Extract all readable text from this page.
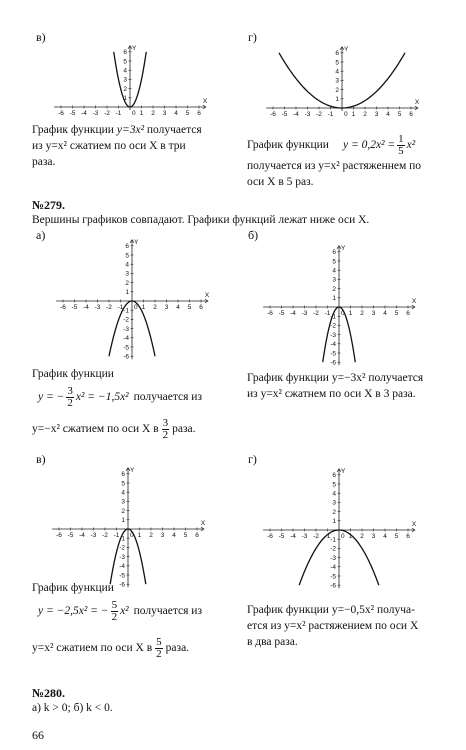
в)	г)
X
Y
-6 -5 -4 -3 -2 -1	1 2 3 4 5 6
0
1
2
3
4
5
6
X
Y
-6 -5 -4 -3 -2 -1	1 2 3 4 5 6
0
1
2
3
4
5
6
График функции y=3x² получается
из y=x² сжатием по оси X в три
раза.
График функции $y = 0,2x^2 = \frac{1}{5} x^2$
получается из y=x² растяженнем по
оси X в 5 раз.
№279.
Вершины графиков совпадают. Графики функций лежат ниже оси X.
а)	б)
X
Y
-6 -5 -4 -3 -2 -1	1 2 3 4 5 6
0
1
2
3
4
5
6
-1
-2
-3
-4
-5
-6
X
Y
-6 -5 -4 -3 -2 -1	1 2 3 4 5 6
0
1
2
3
4
5
6
-1
-2
-3
-4
-5
-6
График функции
y = − $\frac{3}{2} x^2 = -1,5x^2$ получается из
y=−x² сжатием по оси X в $\frac{3}{2}$ раза.
График функции y=−3x² получается
из y=x² сжатнем по оси X в 3 раза.
в)	г)
X
Y
-6 -5 -4 -3 -2 -1	1 2 3 4 5 6
0
1
2
3
4
5
6
-1
-2
-3
-4
-5
-6
X
Y
-6 -5 -4 -3 -2 -1	1 2 3 4 5 6
0
1
2
3
4
5
6
-1
-2
-3
-4
-5
-6
График функции
y = −2,5x² = − $\frac{5}{2} x^2$ получается из
y=x² сжатием по оси X в $\frac{5}{2}$ раза.
График функции y=−0,5x² получа-
ется из y=x² растяжением по оси X
в два раза.
№280.
а) k > 0; б) k < 0.
66
